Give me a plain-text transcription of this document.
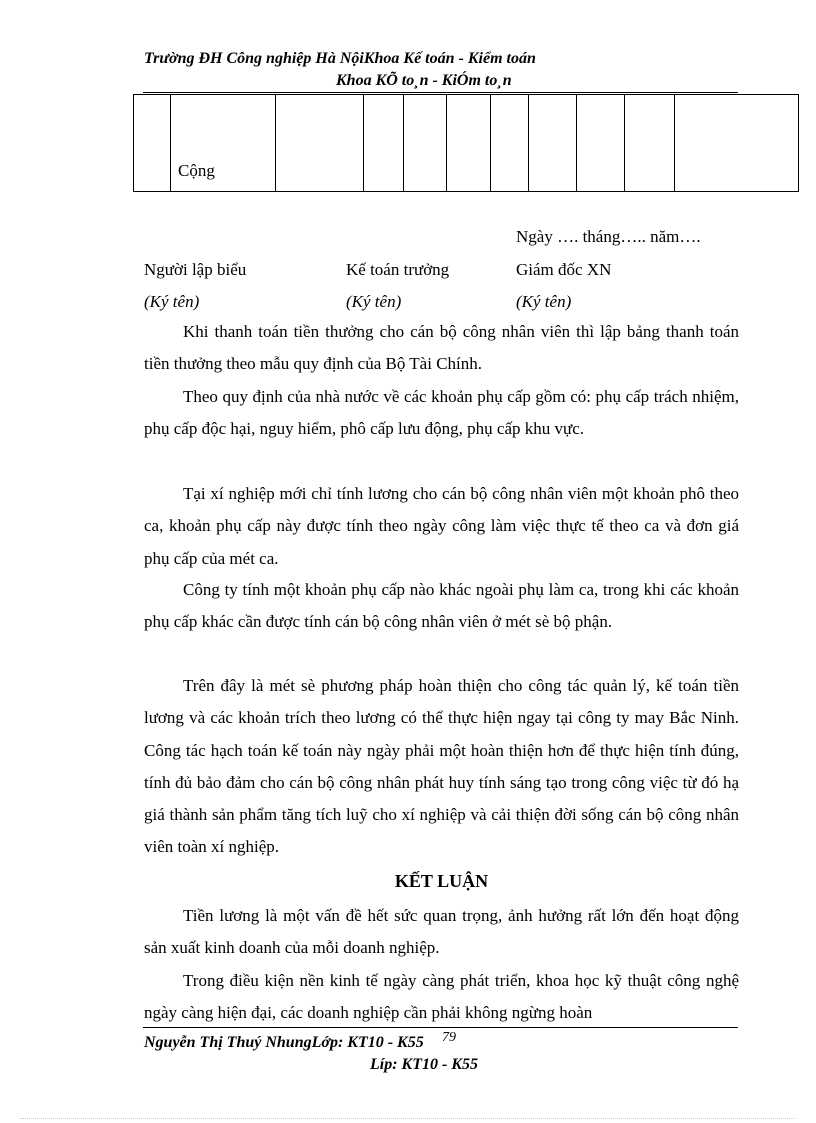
Trường ĐH Công nghiệp Hà NộiKhoa Kế toán - Kiểm toán
Khoa KÕ to¸n - KiÓm to¸n
	Cộng									
Ngày …. tháng….. năm….
Người lập biểu	Kế toán trưởng	Giám đốc XN
(Ký tên)	(Ký tên)	(Ký tên)

Khi thanh toán tiền thưởng cho cán bộ công nhân viên thì lập bảng thanh toán tiền thưởng theo mẫu quy định của Bộ Tài Chính.

Theo quy định của nhà nước về các khoản phụ cấp gồm có: phụ cấp trách nhiệm, phụ cấp độc hại, nguy hiểm, phô cấp lưu động, phụ cấp khu vực.

Tại xí nghiệp mới chỉ tính lương cho cán bộ công nhân viên một khoản phô theo ca, khoản phụ cấp này được tính theo ngày công làm việc thực tế theo ca và đơn giá phụ cấp của mét ca.

Công ty tính một khoản phụ cấp nào khác ngoài phụ làm ca, trong khi các khoản phụ cấp khác cần được tính cán bộ công nhân viên ở mét sè bộ phận.

Trên đây là mét sè phương pháp hoàn thiện cho công tác quản lý, kế toán tiền lương và các khoản trích theo lương có thể thực hiện ngay tại công ty may Bắc Ninh. Công tác hạch toán kế toán này ngày phải một hoàn thiện hơn để thực hiện tính đúng, tính đủ bảo đảm cho cán bộ công nhân phát huy tính sáng tạo trong công việc từ đó hạ giá thành sản phẩm tăng tích luỹ cho xí nghiệp và cải thiện đời sống cán bộ công nhân viên toàn xí nghiệp.

KẾT LUẬN

Tiền lương là một vấn đề hết sức quan trọng, ảnh hưởng rất lớn đến hoạt động sản xuất kinh doanh của mỗi doanh nghiệp.

Trong điều kiện nền kinh tế ngày càng phát triển, khoa học kỹ thuật công nghệ ngày càng hiện đại, các doanh nghiệp cần phải không ngừng hoàn

79
Nguyễn Thị Thuý NhungLớp: KT10 - K55
Líp: KT10 - K55
